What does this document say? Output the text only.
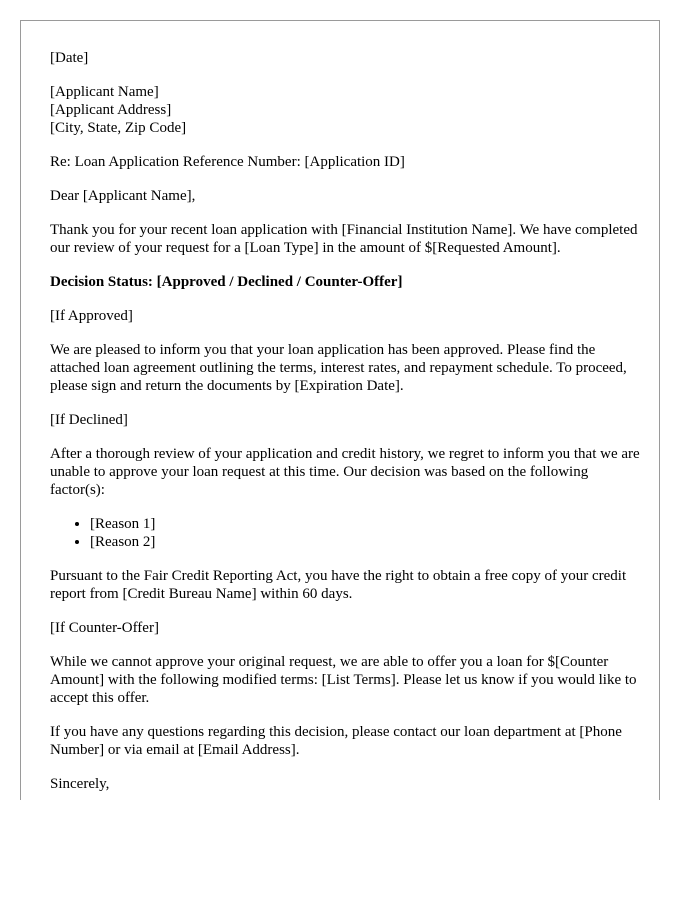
[Date]

[Applicant Name]
[Applicant Address]
[City, State, Zip Code]

Re: Loan Application Reference Number: [Application ID]

Dear [Applicant Name],

Thank you for your recent loan application with [Financial Institution Name]. We have completed our review of your request for a [Loan Type] in the amount of $[Requested Amount].

Decision Status: [Approved / Declined / Counter-Offer]

[If Approved]

We are pleased to inform you that your loan application has been approved. Please find the attached loan agreement outlining the terms, interest rates, and repayment schedule. To proceed, please sign and return the documents by [Expiration Date].

[If Declined]

After a thorough review of your application and credit history, we regret to inform you that we are unable to approve your loan request at this time. Our decision was based on the following factor(s):

• [Reason 1]
• [Reason 2]

Pursuant to the Fair Credit Reporting Act, you have the right to obtain a free copy of your credit report from [Credit Bureau Name] within 60 days.

[If Counter-Offer]

While we cannot approve your original request, we are able to offer you a loan for $[Counter Amount] with the following modified terms: [List Terms]. Please let us know if you would like to accept this offer.

If you have any questions regarding this decision, please contact our loan department at [Phone Number] or via email at [Email Address].

Sincerely,
